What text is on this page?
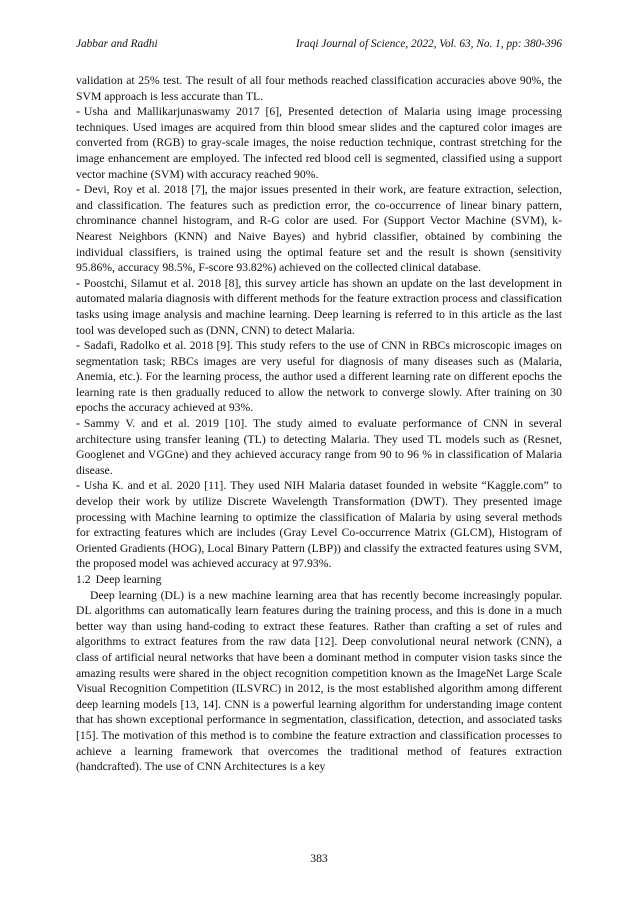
Jabbar and Radhi	Iraqi Journal of Science, 2022, Vol. 63, No. 1, pp: 380-396

validation at 25% test. The result of all four methods reached classification accuracies above 90%, the SVM approach is less accurate than TL.

- Usha and Mallikarjunaswamy 2017 [6], Presented detection of Malaria using image processing techniques. Used images are acquired from thin blood smear slides and the captured color images are converted from (RGB) to gray-scale images, the noise reduction technique, contrast stretching for the image enhancement are employed. The infected red blood cell is segmented, classified using a support vector machine (SVM) with accuracy reached 90%.

- Devi, Roy et al. 2018 [7], the major issues presented in their work, are feature extraction, selection, and classification. The features such as prediction error, the co-occurrence of linear binary pattern, chrominance channel histogram, and R-G color are used. For (Support Vector Machine (SVM), k-Nearest Neighbors (KNN) and Naive Bayes) and hybrid classifier, obtained by combining the individual classifiers, is trained using the optimal feature set and the result is shown (sensitivity 95.86%, accuracy 98.5%, F-score 93.82%) achieved on the collected clinical database.

- Poostchi, Silamut et al. 2018 [8], this survey article has shown an update on the last development in automated malaria diagnosis with different methods for the feature extraction process and classification tasks using image analysis and machine learning. Deep learning is referred to in this article as the last tool was developed such as (DNN, CNN) to detect Malaria.

- Sadafi, Radolko et al. 2018 [9]. This study refers to the use of CNN in RBCs microscopic images on segmentation task; RBCs images are very useful for diagnosis of many diseases such as (Malaria, Anemia, etc.). For the learning process, the author used a different learning rate on different epochs the learning rate is then gradually reduced to allow the network to converge slowly. After training on 30 epochs the accuracy achieved at 93%.

- Sammy V. and et al. 2019 [10]. The study aimed to evaluate performance of CNN in several architecture using transfer leaning (TL) to detecting Malaria. They used TL models such as (Resnet, Googlenet and VGGne) and they achieved accuracy range from 90 to 96 % in classification of Malaria disease.

- Usha K. and et al. 2020 [11]. They used NIH Malaria dataset founded in website “Kaggle.com” to develop their work by utilize Discrete Wavelength Transformation (DWT). They presented image processing with Machine learning to optimize the classification of Malaria by using several methods for extracting features which are includes (Gray Level Co-occurrence Matrix (GLCM), Histogram of Oriented Gradients (HOG), Local Binary Pattern (LBP)) and classify the extracted features using SVM, the proposed model was achieved accuracy at 97.93%.

1.2 Deep learning

Deep learning (DL) is a new machine learning area that has recently become increasingly popular. DL algorithms can automatically learn features during the training process, and this is done in a much better way than using hand-coding to extract these features. Rather than crafting a set of rules and algorithms to extract features from the raw data [12]. Deep convolutional neural network (CNN), a class of artificial neural networks that have been a dominant method in computer vision tasks since the amazing results were shared in the object recognition competition known as the ImageNet Large Scale Visual Recognition Competition (ILSVRC) in 2012, is the most established algorithm among different deep learning models [13, 14]. CNN is a powerful learning algorithm for understanding image content that has shown exceptional performance in segmentation, classification, detection, and associated tasks [15]. The motivation of this method is to combine the feature extraction and classification processes to achieve a learning framework that overcomes the traditional method of features extraction (handcrafted). The use of CNN Architectures is a key

383
